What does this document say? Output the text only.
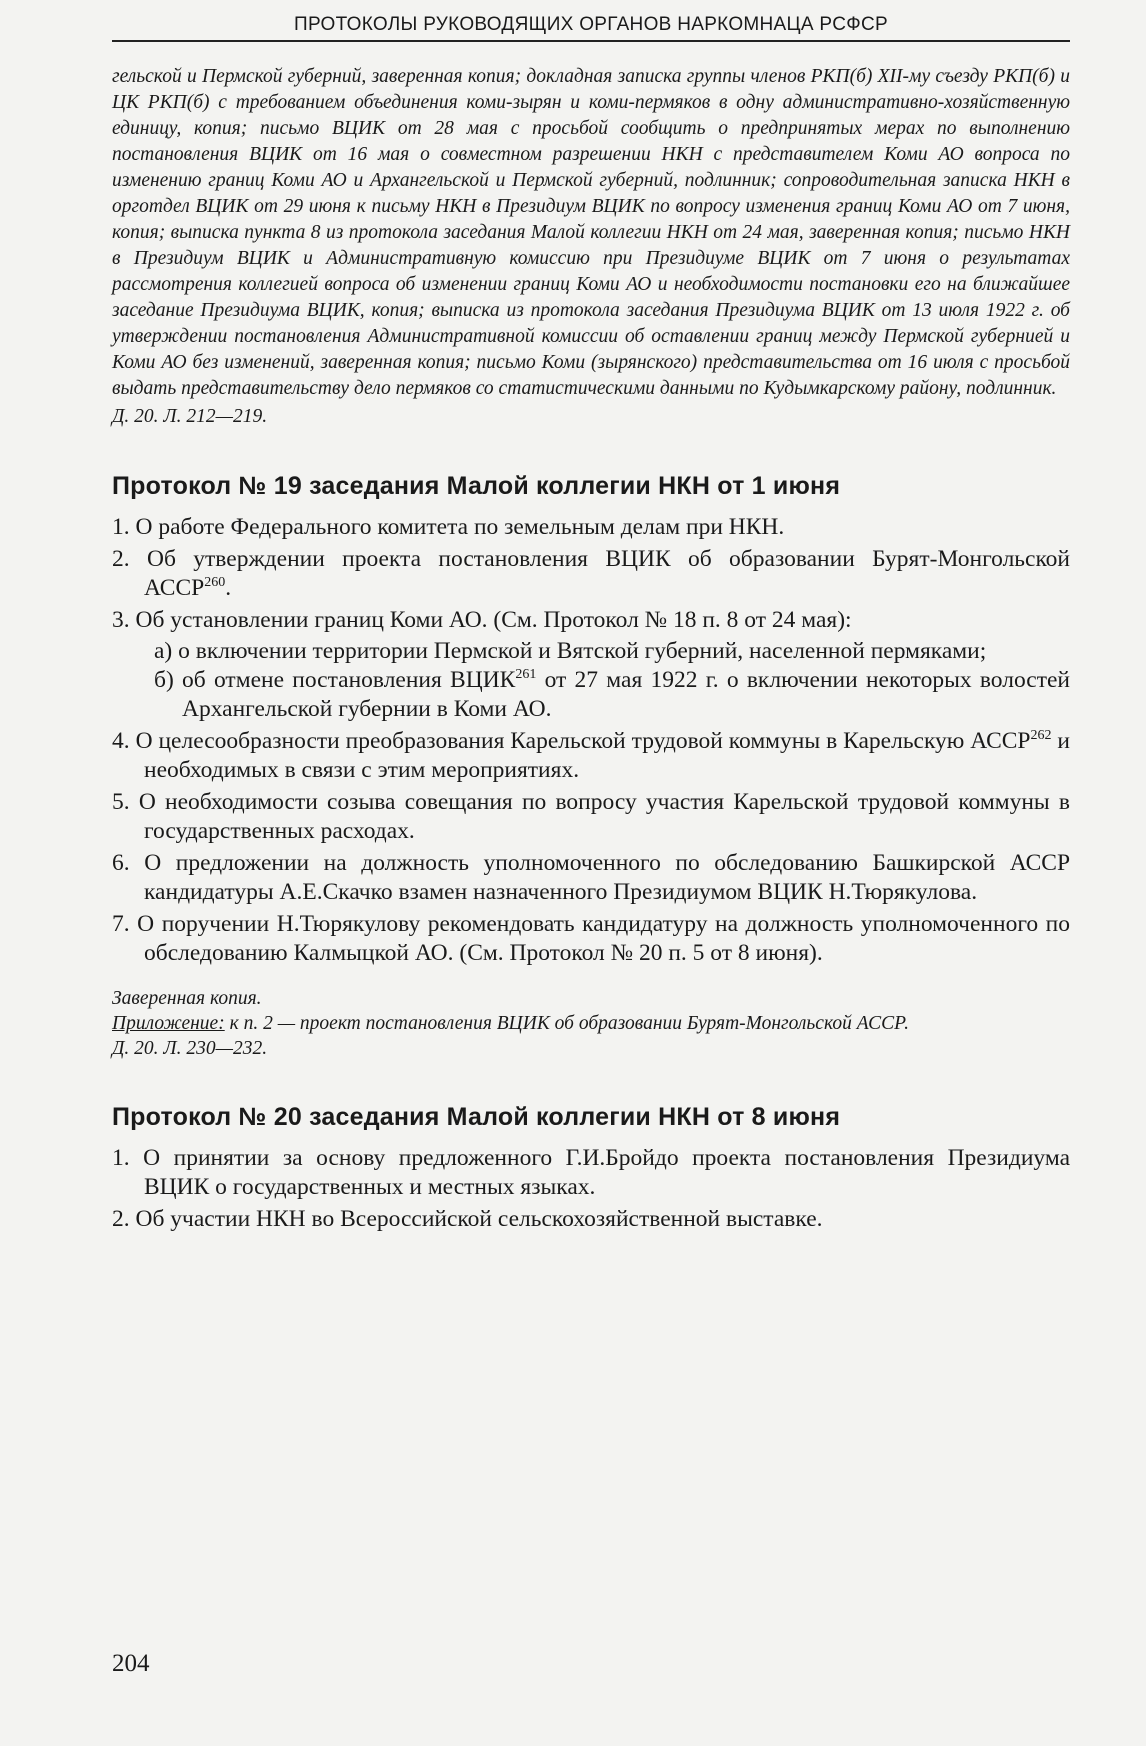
ПРОТОКОЛЫ РУКОВОДЯЩИХ ОРГАНОВ НАРКОМНАЦА РСФСР

гельской и Пермской губерний, заверенная копия; докладная записка группы членов РКП(б) XII-му съезду РКП(б) и ЦК РКП(б) с требованием объединения коми-зырян и коми-пермяков в одну административно-хозяйственную единицу, копия; письмо ВЦИК от 28 мая с просьбой сообщить о предпринятых мерах по выполнению постановления ВЦИК от 16 мая о совместном разрешении НКН с представителем Коми АО вопроса по изменению границ Коми АО и Архангельской и Пермской губерний, подлинник; сопроводительная записка НКН в орготдел ВЦИК от 29 июня к письму НКН в Президиум ВЦИК по вопросу изменения границ Коми АО от 7 июня, копия; выписка пункта 8 из протокола заседания Малой коллегии НКН от 24 мая, заверенная копия; письмо НКН в Президиум ВЦИК и Административную комиссию при Президиуме ВЦИК от 7 июня о результатах рассмотрения коллегией вопроса об изменении границ Коми АО и необходимости постановки его на ближайшее заседание Президиума ВЦИК, копия; выписка из протокола заседания Президиума ВЦИК от 13 июля 1922 г. об утверждении постановления Административной комиссии об оставлении границ между Пермской губернией и Коми АО без изменений, заверенная копия; письмо Коми (зырянского) представительства от 16 июля с просьбой выдать представительству дело пермяков со статистическими данными по Кудымкарскому району, подлинник.

Д. 20. Л. 212—219.

Протокол № 19 заседания Малой коллегии НКН от 1 июня
1. О работе Федерального комитета по земельным делам при НКН.
2. Об утверждении проекта постановления ВЦИК об образовании Бурят-Монгольской АССР$^{260}$.
3. Об установлении границ Коми АО. (См. Протокол № 18 п. 8 от 24 мая):
а) о включении территории Пермской и Вятской губерний, населенной пермяками;
б) об отмене постановления ВЦИК$^{261}$ от 27 мая 1922 г. о включении некоторых волостей Архангельской губернии в Коми АО.
4. О целесообразности преобразования Карельской трудовой коммуны в Карельскую АССР$^{262}$ и необходимых в связи с этим мероприятиях.
5. О необходимости созыва совещания по вопросу участия Карельской трудовой коммуны в государственных расходах.
6. О предложении на должность уполномоченного по обследованию Башкирской АССР кандидатуры А.Е.Скачко взамен назначенного Президиумом ВЦИК Н.Тюрякулова.
7. О поручении Н.Тюрякулову рекомендовать кандидатуру на должность уполномоченного по обследованию Калмыцкой АО. (См. Протокол № 20 п. 5 от 8 июня).

Заверенная копия.

Приложение: к п. 2 — проект постановления ВЦИК об образовании Бурят-Монгольской АССР.

Д. 20. Л. 230—232.

Протокол № 20 заседания Малой коллегии НКН от 8 июня
1. О принятии за основу предложенного Г.И.Бройдо проекта постановления Президиума ВЦИК о государственных и местных языках.
2. Об участии НКН во Всероссийской сельскохозяйственной выставке.
204
